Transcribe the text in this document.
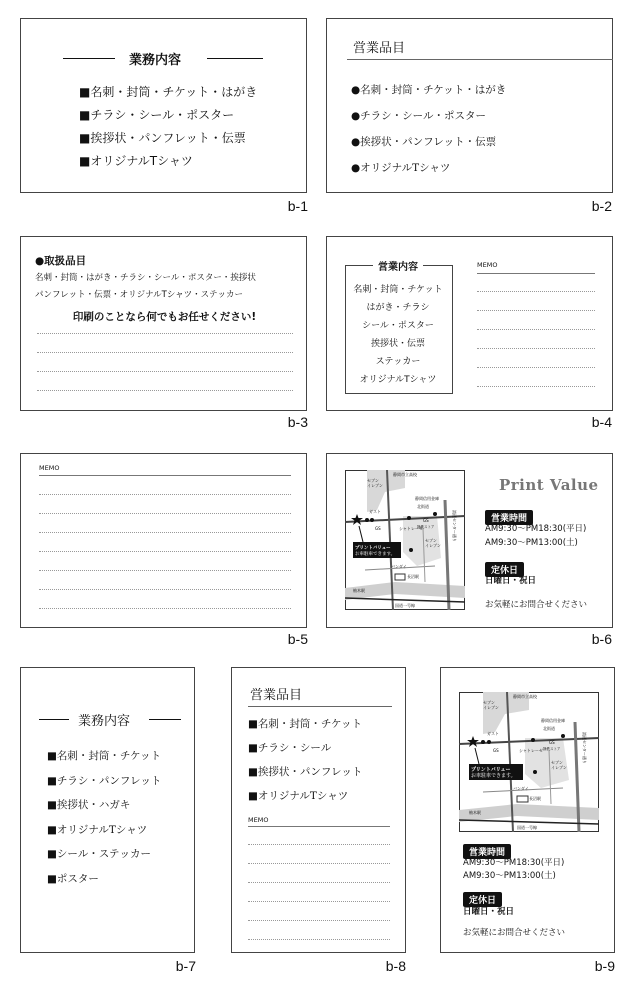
業務内容
■名刺・封筒・チケット・はがき
■チラシ・シール・ポスター
■挨拶状・パンフレット・伝票
■オリジナルTシャツ
b-1
営業品目
●名刺・封筒・チケット・はがき
●チラシ・シール・ポスター
●挨拶状・パンフレット・伝票
●オリジナルTシャツ
b-2
●取扱品目
名刺・封筒・はがき・チラシ・シール・ポスター・挨拶状
パンフレット・伝票・オリジナルTシャツ・ステッカー
印刷のことなら何でもお任せください!
b-3
営業内容
名刺・封筒・チケット
はがき・チラシ
シール・ポスター
挨拶状・伝票
ステッカー
オリジナルTシャツ
MEMO
b-4
MEMO
b-5
セブン
イレブン
静岡市立高校
ガスト
静岡信用金庫
北街道
GS
GS
シャトレーゼ
静鉄ストア	流通センター通り
プリントバリュー
お車駐車できます。
セブン
イレブン
バンダイ
長沼駅
柚木駅
国道一号線
Print Value
営業時間
AM9:30～PM18:30(平日)
AM9:30～PM13:00(土)
定休日
日曜日・祝日
お気軽にお問合せください
b-6
業務内容
■名刺・封筒・チケット
■チラシ・パンフレット
■挨拶状・ハガキ
■オリジナルTシャツ
■シール・ステッカー
■ポスター
b-7
営業品目
■名刺・封筒・チケット
■チラシ・シール
■挨拶状・パンフレット
■オリジナルTシャツ
MEMO
b-8
セブン
イレブン
静岡市立高校
ガスト
静岡信用金庫
北街道
GS
GS
シャトレーゼ 静鉄ストア	流通センター通り
プリントバリュー
お車駐車できます。
セブン
イレブン
バンダイ
長沼駅
柚木駅
国道一号線
営業時間
AM9:30～PM18:30(平日)
AM9:30～PM13:00(土)
定休日
日曜日・祝日
お気軽にお問合せください
b-9
